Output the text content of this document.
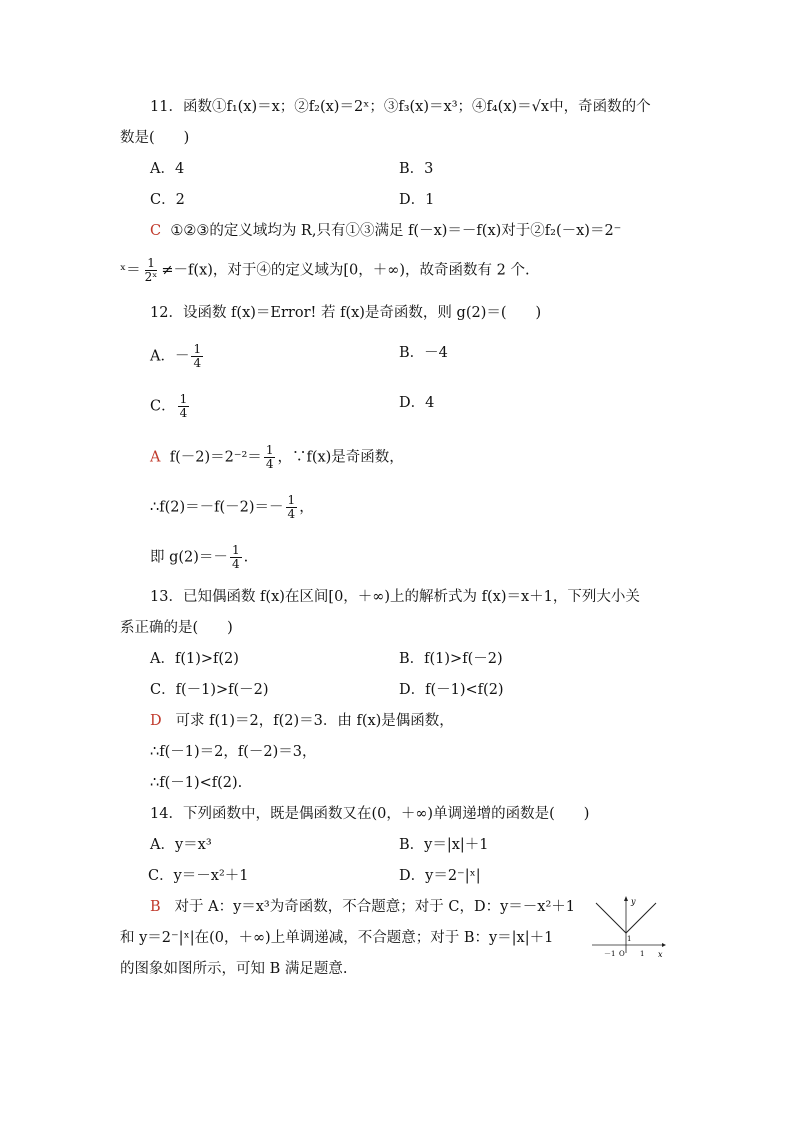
11．函数①f₁(x)＝x；②f₂(x)＝2ˣ；③f₃(x)＝x³；④f₄(x)＝√x中，奇函数的个
数是(　　)
A．4	B．3
C．2	D．1
C ①②③的定义域均为 R,只有①③满足 f(－x)＝－f(x)对于②f₂(－x)＝2⁻
ˣ＝ $\frac{1}{\text{2ˣ}} \ne-f(x)$，对于④的定义域为[0，＋∞)，故奇函数有 2 个.
12．设函数 f(x)＝Error! 若 f(x)是奇函数，则 g(2)＝(　　)
A．－ $\frac{1}{4}$	B．－4
C． $\frac{1}{4}$	D．4
A $f(-2)=2^{-2}= \frac{1}{4}$ ，∵f(x)是奇函数，
∴f(2)＝－f(－2)＝－ $\frac{1}{4}$ ，
即 $g(2)=- \frac{1}{4}$ .
13．已知偶函数 f(x)在区间[0，＋∞)上的解析式为 f(x)＝x＋1，下列大小关
系正确的是(　　)
A．f(1)>f(2)	B．f(1)>f(－2)
C．f(－1)>f(－2)	D．f(－1)<f(2)
D 可求 f(1)＝2，f(2)＝3．由 f(x)是偶函数，
∴f(－1)＝2，f(－2)＝3，
∴f(－1)<f(2).
14．下列函数中，既是偶函数又在(0，＋∞)单调递增的函数是(　　)
A．y＝x³	B．y＝|x|＋1
C．y＝－x²＋1	D．y＝2⁻|ˣ|
B 对于 A：y＝x³为奇函数，不合题意；对于 C，D：y＝－x²＋1
和 y＝2⁻|ˣ|在(0，＋∞)上单调递减，不合题意；对于 B：y＝|x|＋1
的图象如图所示，可知 B 满足题意.
y
x
1
－1 O 1
